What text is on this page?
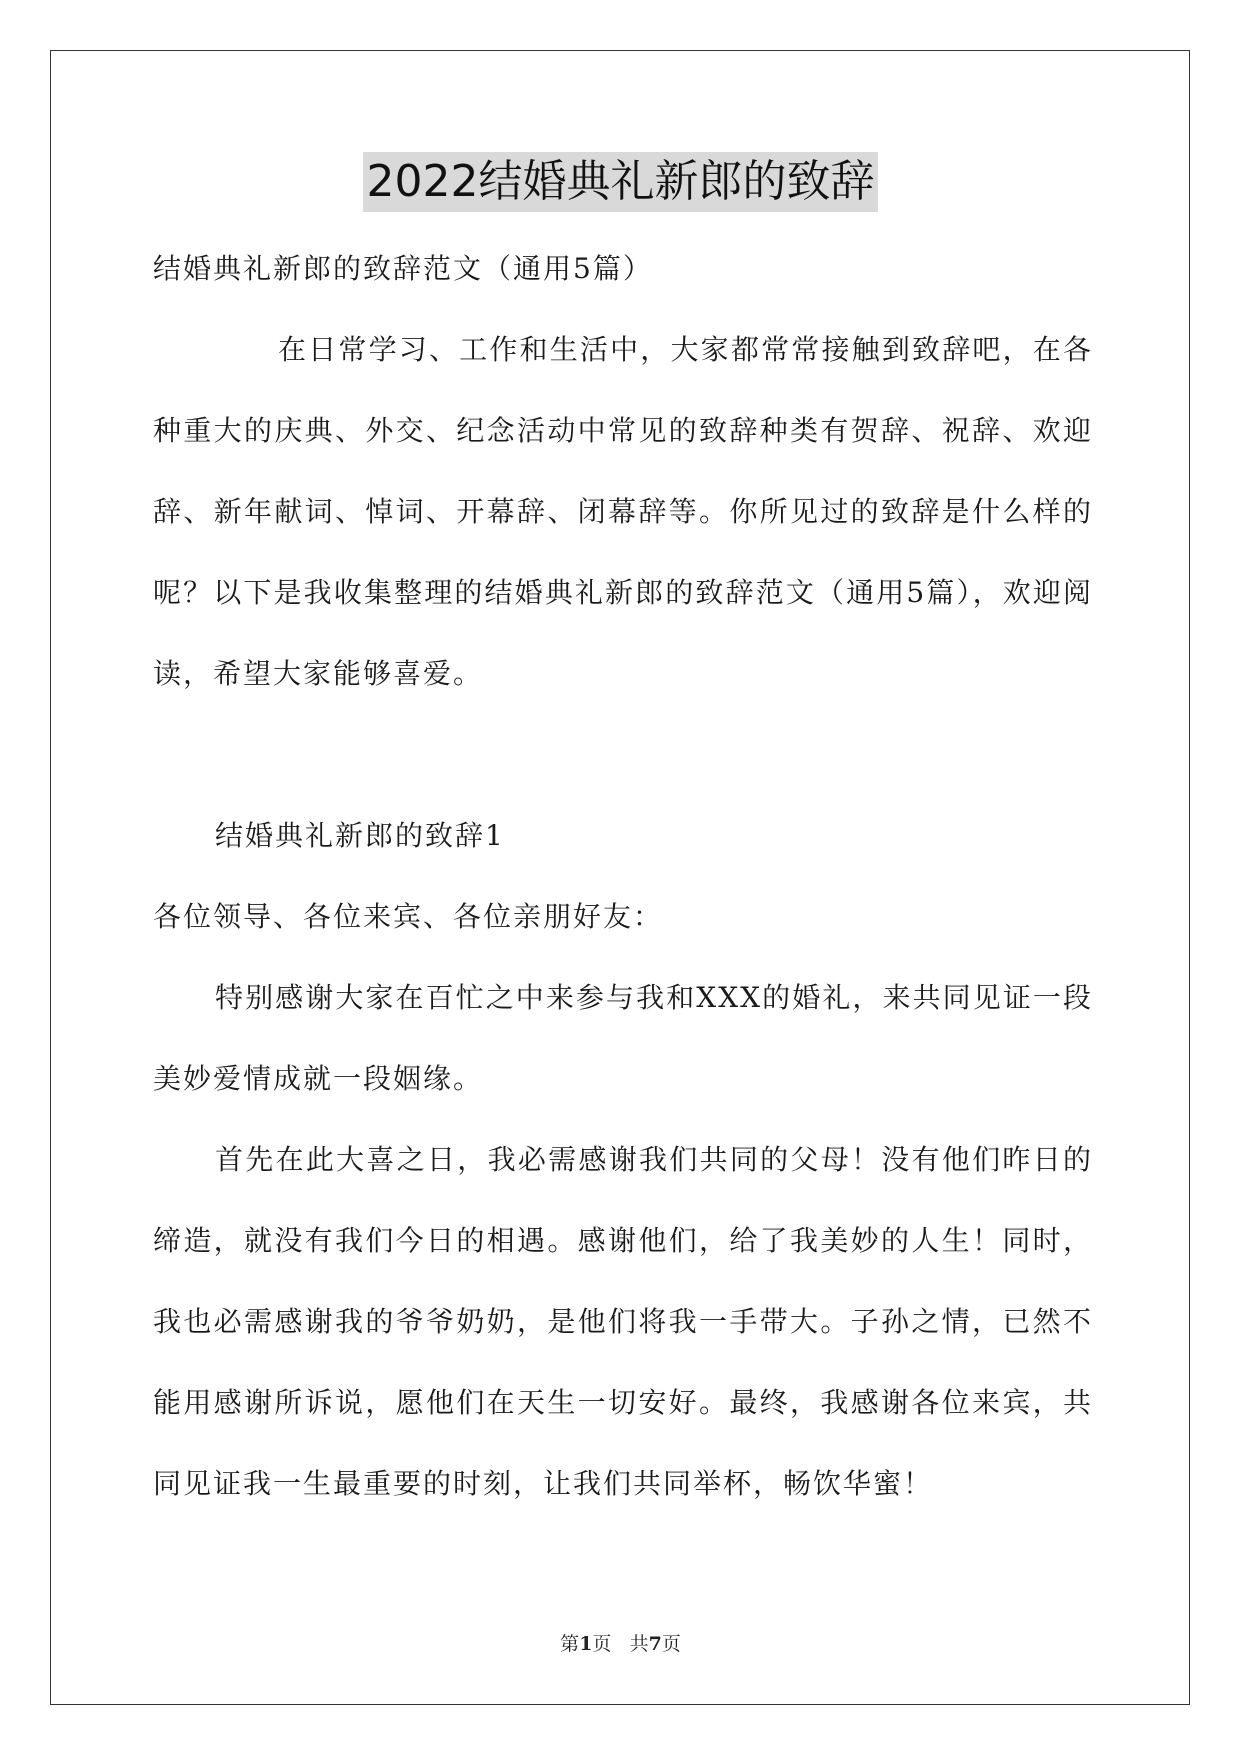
2022结婚典礼新郎的致辞

结婚典礼新郎的致辞范文（通用5篇）

在日常学习、工作和生活中，大家都常常接触到致辞吧，在各种重大的庆典、外交、纪念活动中常见的致辞种类有贺辞、祝辞、欢迎辞、新年献词、悼词、开幕辞、闭幕辞等。你所见过的致辞是什么样的呢？以下是我收集整理的结婚典礼新郎的致辞范文（通用5篇），欢迎阅读，希望大家能够喜爱。

结婚典礼新郎的致辞1

各位领导、各位来宾、各位亲朋好友：

特别感谢大家在百忙之中来参与我和XXX的婚礼，来共同见证一段美妙爱情成就一段姻缘。

首先在此大喜之日，我必需感谢我们共同的父母！没有他们昨日的缔造，就没有我们今日的相遇。感谢他们，给了我美妙的人生！同时，我也必需感谢我的爷爷奶奶，是他们将我一手带大。子孙之情，已然不能用感谢所诉说，愿他们在天生一切安好。最终，我感谢各位来宾，共同见证我一生最重要的时刻，让我们共同举杯，畅饮华蜜！

第1页 共7页
